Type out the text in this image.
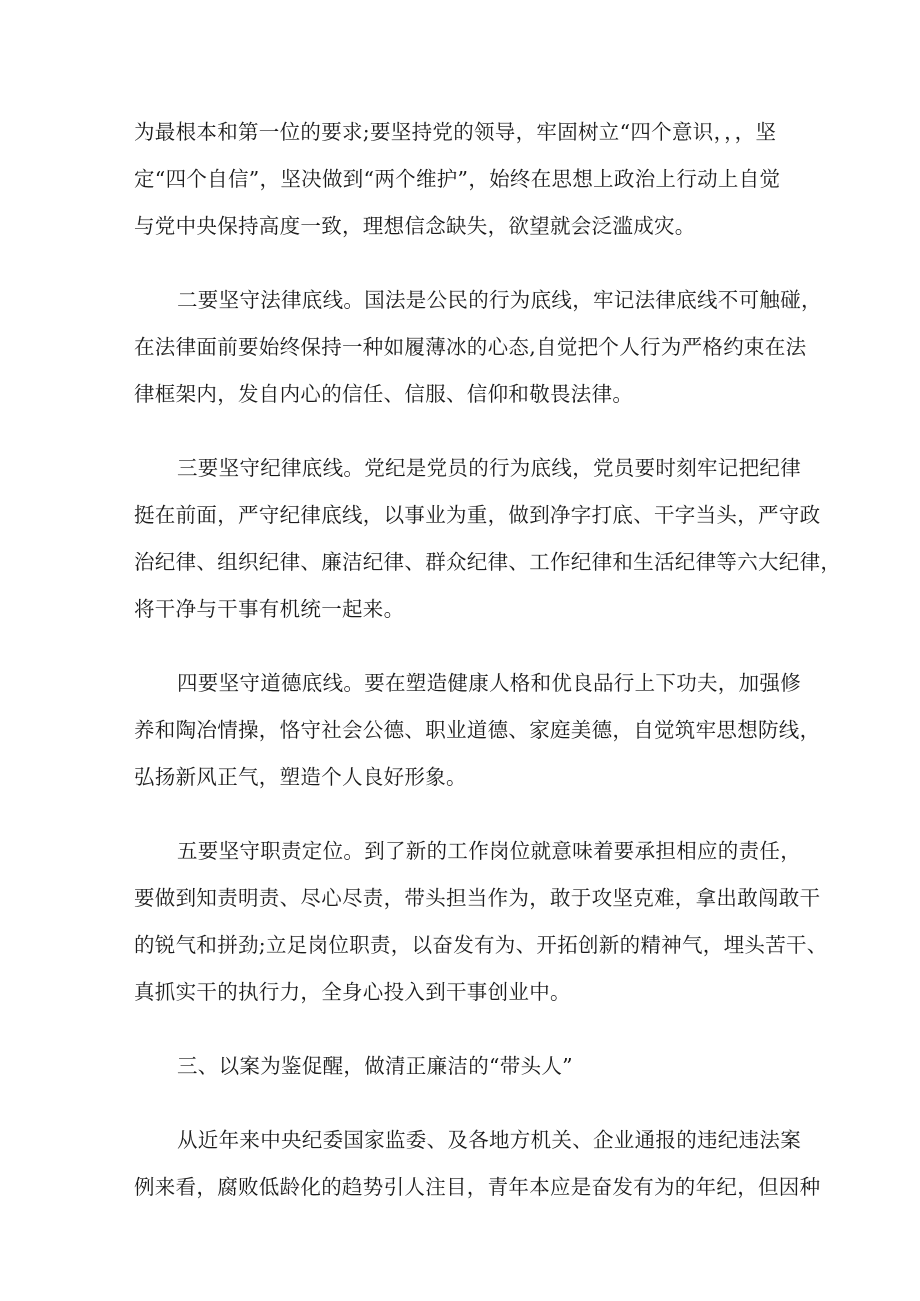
为最根本和第一位的要求;要坚持党的领导，牢固树立“四个意识，，，坚
定“四个自信”，坚决做到“两个维护”，始终在思想上政治上行动上自觉
与党中央保持高度一致，理想信念缺失，欲望就会泛滥成灾。
二要坚守法律底线。国法是公民的行为底线，牢记法律底线不可触碰，
在法律面前要始终保持一种如履薄冰的心态,自觉把个人行为严格约束在法
律框架内，发自内心的信任、信服、信仰和敬畏法律。
三要坚守纪律底线。党纪是党员的行为底线，党员要时刻牢记把纪律
挺在前面，严守纪律底线，以事业为重，做到净字打底、干字当头，严守政
治纪律、组织纪律、廉洁纪律、群众纪律、工作纪律和生活纪律等六大纪律，
将干净与干事有机统一起来。
四要坚守道德底线。要在塑造健康人格和优良品行上下功夫，加强修
养和陶冶情操，恪守社会公德、职业道德、家庭美德，自觉筑牢思想防线，
弘扬新风正气，塑造个人良好形象。
五要坚守职责定位。到了新的工作岗位就意味着要承担相应的责任，
要做到知责明责、尽心尽责，带头担当作为，敢于攻坚克难，拿出敢闯敢干
的锐气和拼劲;立足岗位职责，以奋发有为、开拓创新的精神气，埋头苦干、
真抓实干的执行力，全身心投入到干事创业中。
三、以案为鉴促醒，做清正廉洁的“带头人”
从近年来中央纪委国家监委、及各地方机关、企业通报的违纪违法案
例来看，腐败低龄化的趋势引人注目，青年本应是奋发有为的年纪，但因种
